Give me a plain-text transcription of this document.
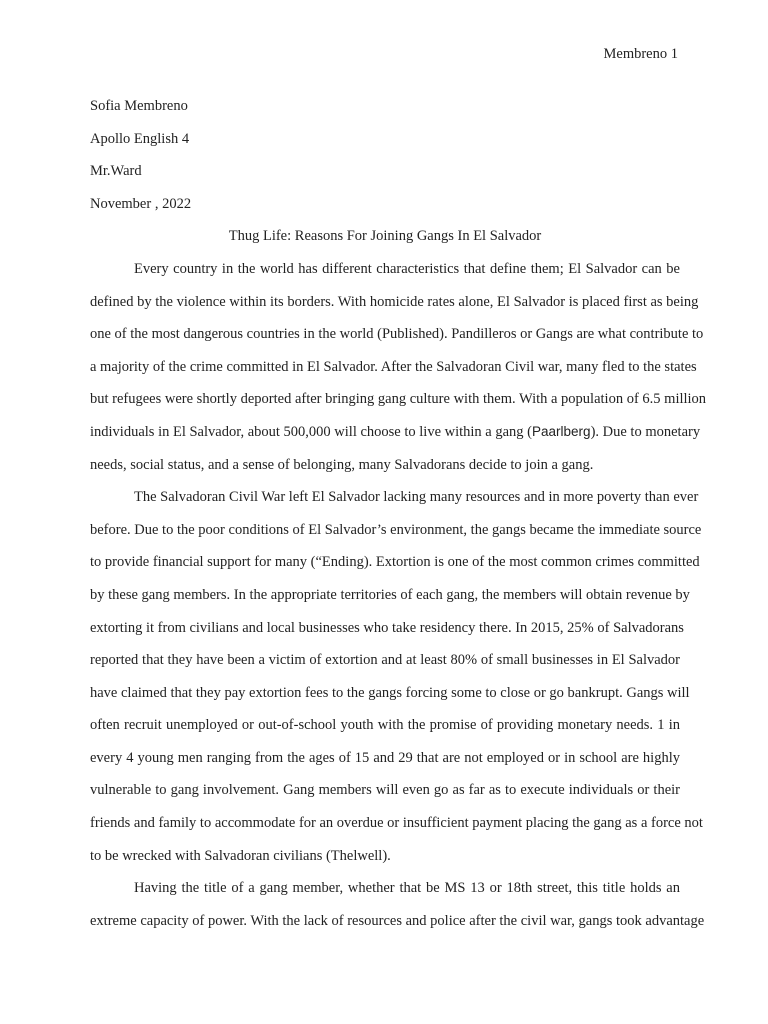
Membreno 1
Sofia Membreno
Apollo English 4
Mr.Ward
November , 2022
Thug Life: Reasons For Joining Gangs In El Salvador
Every country in the world has different characteristics that define them; El Salvador can be
defined by the violence within its borders. With homicide rates alone, El Salvador is placed first as being
one of the most dangerous countries in the world (Published). Pandilleros or Gangs are what contribute to
a majority of the crime committed in El Salvador. After the Salvadoran Civil war, many fled to the states
but refugees were shortly deported after bringing gang culture with them. With a population of 6.5 million
individuals in El Salvador, about 500,000 will choose to live within a gang (Paarlberg). Due to monetary
needs, social status, and a sense of belonging, many Salvadorans decide to join a gang.
The Salvadoran Civil War left El Salvador lacking many resources and in more poverty than ever
before. Due to the poor conditions of El Salvador’s environment, the gangs became the immediate source
to provide financial support for many (“Ending). Extortion is one of the most common crimes committed
by these gang members. In the appropriate territories of each gang, the members will obtain revenue by
extorting it from civilians and local businesses who take residency there. In 2015, 25% of Salvadorans
reported that they have been a victim of extortion and at least 80% of small businesses in El Salvador
have claimed that they pay extortion fees to the gangs forcing some to close or go bankrupt. Gangs will
often recruit unemployed or out-of-school youth with the promise of providing monetary needs. 1 in
every 4 young men ranging from the ages of 15 and 29 that are not employed or in school are highly
vulnerable to gang involvement. Gang members will even go as far as to execute individuals or their
friends and family to accommodate for an overdue or insufficient payment placing the gang as a force not
to be wrecked with Salvadoran civilians (Thelwell).
Having the title of a gang member, whether that be MS 13 or 18th street, this title holds an
extreme capacity of power. With the lack of resources and police after the civil war, gangs took advantage
